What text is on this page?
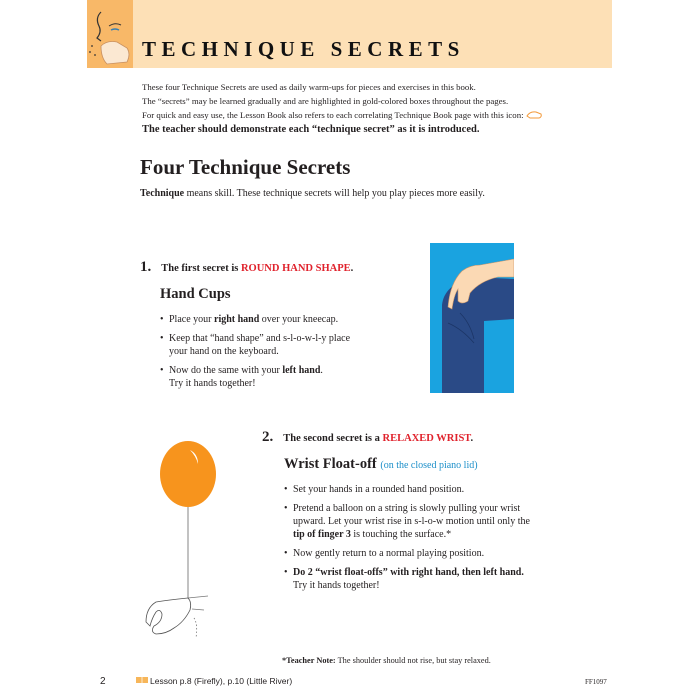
TECHNIQUE SECRETS
These four Technique Secrets are used as daily warm-ups for pieces and exercises in this book.
The “secrets” may be learned gradually and are highlighted in gold-colored boxes throughout the pages.
For quick and easy use, the Lesson Book also refers to each correlating Technique Book page with this icon:
The teacher should demonstrate each “technique secret” as it is introduced.
Four Technique Secrets
Technique means skill. These technique secrets will help you play pieces more easily.
1. The first secret is ROUND HAND SHAPE.
Hand Cups
• Place your right hand over your kneecap.
• Keep that “hand shape” and s-l-o-w-l-y place
your hand on the keyboard.
• Now do the same with your left hand.
Try it hands together!
2. The second secret is a RELAXED WRIST.
Wrist Float-off (on the closed piano lid)
• Set your hands in a rounded hand position.
• Pretend a balloon on a string is slowly pulling your wrist
upward. Let your wrist rise in s-l-o-w motion until only the
tip of finger 3 is touching the surface.*
• Now gently return to a normal playing position.
• Do 2 “wrist float-offs” with right hand, then left hand.
Try it hands together!
*Teacher Note: The shoulder should not rise, but stay relaxed.
2	Lesson p.8 (Firefly), p.10 (Little River)	FF1097
